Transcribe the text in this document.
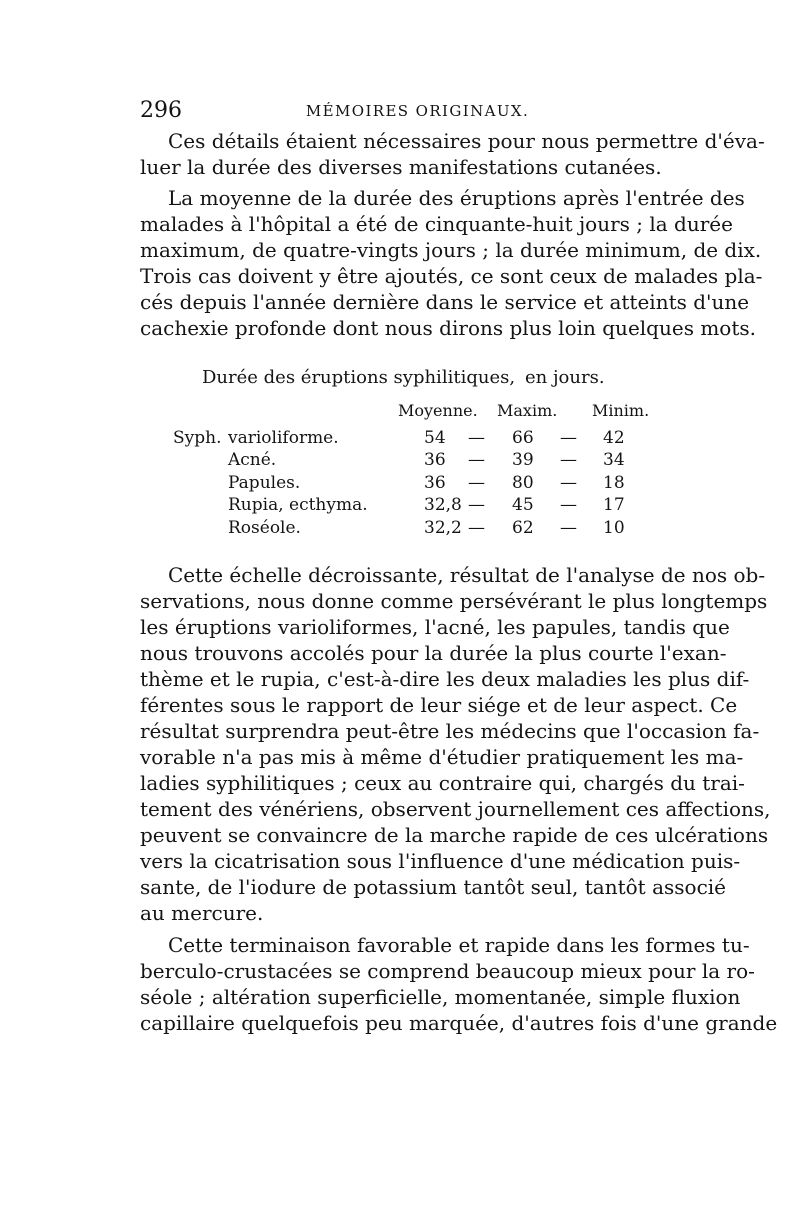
296	MÉMOIRES ORIGINAUX.
Ces détails étaient nécessaires pour nous permettre d'éva-
luer la durée des diverses manifestations cutanées.
La moyenne de la durée des éruptions après l'entrée des
malades à l'hôpital a été de cinquante-huit jours ; la durée
maximum, de quatre-vingts jours ; la durée minimum, de dix.
Trois cas doivent y être ajoutés, ce sont ceux de malades pla-
cés depuis l'année dernière dans le service et atteints d'une
cachexie profonde dont nous dirons plus loin quelques mots.
Durée des éruptions syphilitiques, en jours.
Moyenne. Maxim. Minim.
Syph. varioliforme.	54 — 66 — 42
Acné.	36 — 39 — 34
Papules.	36 — 80 — 18
Rupia, ecthyma.	32,8 — 45 — 17
Roséole.	32,2 — 62 — 10
Cette échelle décroissante, résultat de l'analyse de nos ob-
servations, nous donne comme persévérant le plus longtemps
les éruptions varioliformes, l'acné, les papules, tandis que
nous trouvons accolés pour la durée la plus courte l'exan-
thème et le rupia, c'est-à-dire les deux maladies les plus dif-
férentes sous le rapport de leur siége et de leur aspect. Ce
résultat surprendra peut-être les médecins que l'occasion fa-
vorable n'a pas mis à même d'étudier pratiquement les ma-
ladies syphilitiques ; ceux au contraire qui, chargés du trai-
tement des vénériens, observent journellement ces affections,
peuvent se convaincre de la marche rapide de ces ulcérations
vers la cicatrisation sous l'influence d'une médication puis-
sante, de l'iodure de potassium tantôt seul, tantôt associé
au mercure.
Cette terminaison favorable et rapide dans les formes tu-
berculo-crustacées se comprend beaucoup mieux pour la ro-
séole ; altération superficielle, momentanée, simple fluxion
capillaire quelquefois peu marquée, d'autres fois d'une grande
